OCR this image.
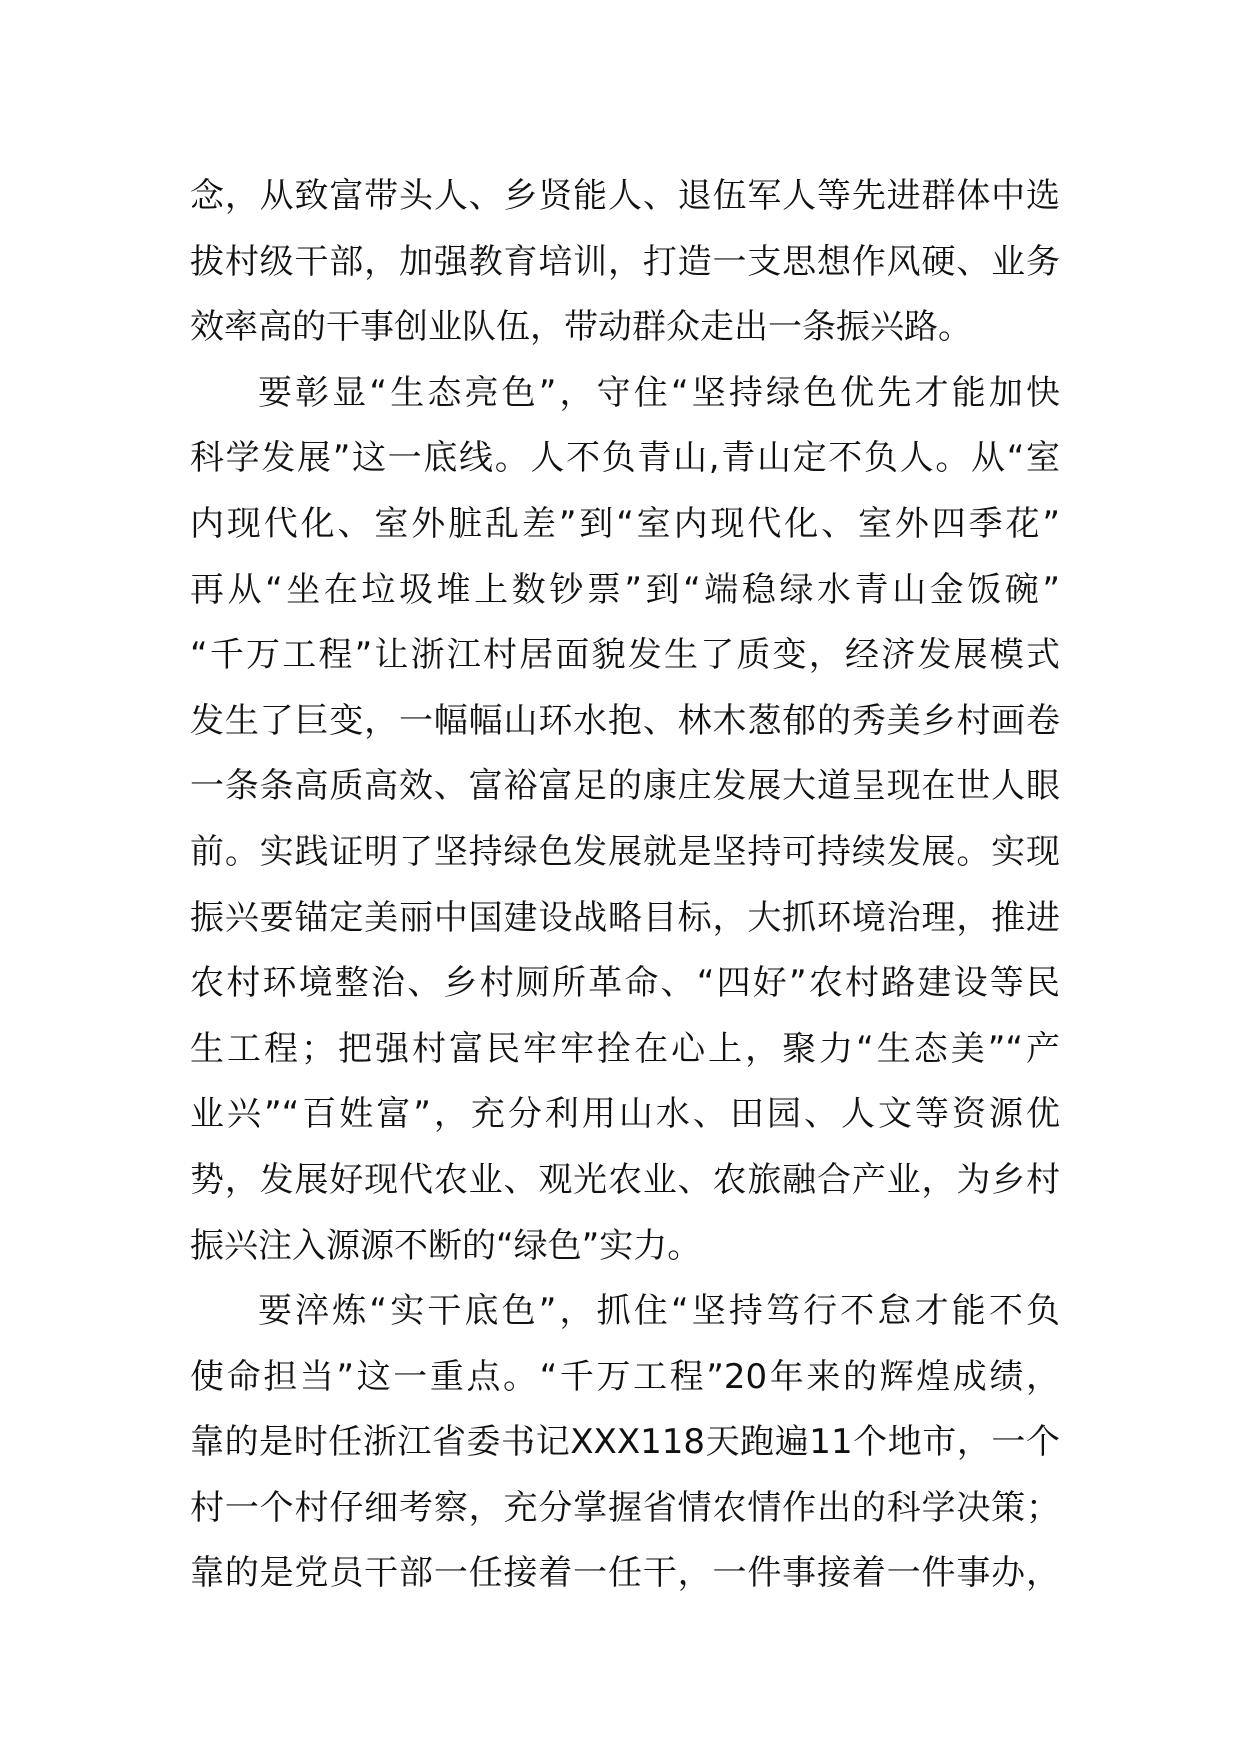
念，从致富带头人、乡贤能人、退伍军人等先进群体中选
拔村级干部，加强教育培训，打造一支思想作风硬、业务
效率高的干事创业队伍，带动群众走出一条振兴路。
要彰显“生态亮色”，守住“坚持绿色优先才能加快
科学发展”这一底线。人不负青山,青山定不负人。从“室
内现代化、室外脏乱差”到“室内现代化、室外四季花”
再从“坐在垃圾堆上数钞票”到“端稳绿水青山金饭碗”
“千万工程”让浙江村居面貌发生了质变，经济发展模式
发生了巨变，一幅幅山环水抱、林木葱郁的秀美乡村画卷
一条条高质高效、富裕富足的康庄发展大道呈现在世人眼
前。实践证明了坚持绿色发展就是坚持可持续发展。实现
振兴要锚定美丽中国建设战略目标，大抓环境治理，推进
农村环境整治、乡村厕所革命、“四好”农村路建设等民
生工程；把强村富民牢牢拴在心上，聚力“生态美”“产
业兴”“百姓富”，充分利用山水、田园、人文等资源优
势，发展好现代农业、观光农业、农旅融合产业，为乡村
振兴注入源源不断的“绿色”实力。
要淬炼“实干底色”，抓住“坚持笃行不怠才能不负
使命担当”这一重点。“千万工程”20年来的辉煌成绩，
靠的是时任浙江省委书记XXX118天跑遍11个地市，一个
村一个村仔细考察，充分掌握省情农情作出的科学决策；
靠的是党员干部一任接着一任干，一件事接着一件事办，
